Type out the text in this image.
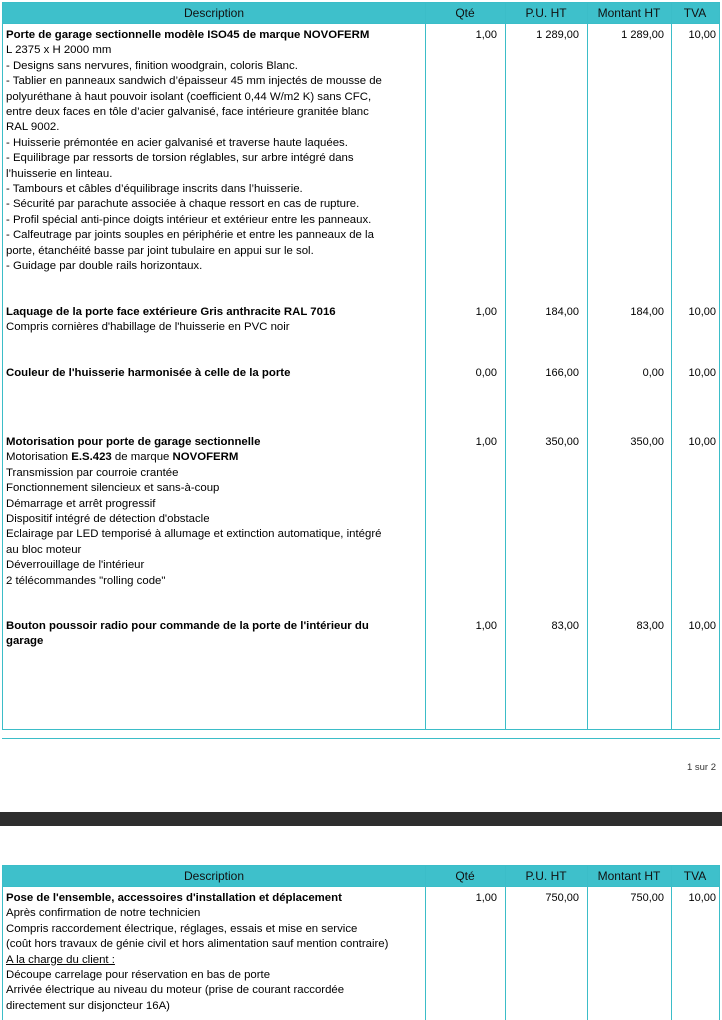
Description	Qté	P.U. HT	Montant HT	TVA
Porte de garage sectionnelle modèle ISO45 de marque NOVOFERM
L 2375 x H 2000 mm
- Designs sans nervures, finition woodgrain, coloris Blanc.
- Tablier en panneaux sandwich d’épaisseur 45 mm injectés de mousse de
polyuréthane à haut pouvoir isolant (coefficient 0,44 W/m2 K) sans CFC,
entre deux faces en tôle d’acier galvanisé, face intérieure granitée blanc
RAL 9002.
- Huisserie prémontée en acier galvanisé et traverse haute laquées.
- Equilibrage par ressorts de torsion réglables, sur arbre intégré dans
l’huisserie en linteau.
- Tambours et câbles d’équilibrage inscrits dans l’huisserie.
- Sécurité par parachute associée à chaque ressort en cas de rupture.
- Profil spécial anti-pince doigts intérieur et extérieur entre les panneaux.
- Calfeutrage par joints souples en périphérie et entre les panneaux de la
porte, étanchéité basse par joint tubulaire en appui sur le sol.
- Guidage par double rails horizontaux.
1,00	1 289,00	1 289,00	10,00
Laquage de la porte face extérieure Gris anthracite RAL 7016
Compris cornières d'habillage de l'huisserie en PVC noir
1,00	184,00	184,00	10,00
Couleur de l'huisserie harmonisée à celle de la porte	0,00	166,00	0,00	10,00
Motorisation pour porte de garage sectionnelle
Motorisation E.S.423 de marque NOVOFERM
Transmission par courroie crantée
Fonctionnement silencieux et sans-à-coup
Démarrage et arrêt progressif
Dispositif intégré de détection d'obstacle
Eclairage par LED temporisé à allumage et extinction automatique, intégré
au bloc moteur
Déverrouillage de l'intérieur
2 télécommandes "rolling code"
1,00	350,00	350,00	10,00
Bouton poussoir radio pour commande de la porte de l'intérieur du
garage
1,00	83,00	83,00	10,00
1 sur 2
Description	Qté	P.U. HT	Montant HT	TVA
Pose de l'ensemble, accessoires d'installation et déplacement
Après confirmation de notre technicien
Compris raccordement électrique, réglages, essais et mise en service
(coût hors travaux de génie civil et hors alimentation sauf mention contraire)
A la charge du client :
Découpe carrelage pour réservation en bas de porte
Arrivée électrique au niveau du moteur (prise de courant raccordée
directement sur disjoncteur 16A)
1,00	750,00	750,00	10,00
